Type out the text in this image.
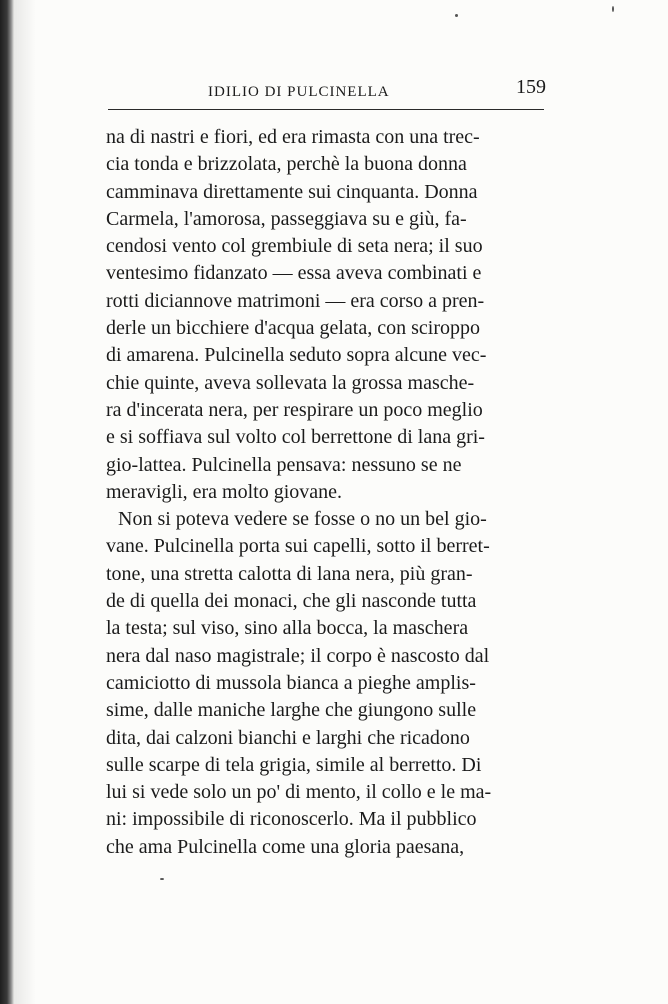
IDILIO DI PULCINELLA	159
na di nastri e fiori, ed era rimasta con una trec-
cia tonda e brizzolata, perchè la buona donna
camminava direttamente sui cinquanta. Donna
Carmela, l'amorosa, passeggiava su e giù, fa-
cendosi vento col grembiule di seta nera; il suo
ventesimo fidanzato — essa aveva combinati e
rotti diciannove matrimoni — era corso a pren-
derle un bicchiere d'acqua gelata, con sciroppo
di amarena. Pulcinella seduto sopra alcune vec-
chie quinte, aveva sollevata la grossa masche-
ra d'incerata nera, per respirare un poco meglio
e si soffiava sul volto col berrettone di lana gri-
gio-lattea. Pulcinella pensava: nessuno se ne
meravigli, era molto giovane.
Non si poteva vedere se fosse o no un bel gio-
vane. Pulcinella porta sui capelli, sotto il berret-
tone, una stretta calotta di lana nera, più gran-
de di quella dei monaci, che gli nasconde tutta
la testa; sul viso, sino alla bocca, la maschera
nera dal naso magistrale; il corpo è nascosto dal
camiciotto di mussola bianca a pieghe amplis-
sime, dalle maniche larghe che giungono sulle
dita, dai calzoni bianchi e larghi che ricadono
sulle scarpe di tela grigia, simile al berretto. Di
lui si vede solo un po' di mento, il collo e le ma-
ni: impossibile di riconoscerlo. Ma il pubblico
che ama Pulcinella come una gloria paesana,
